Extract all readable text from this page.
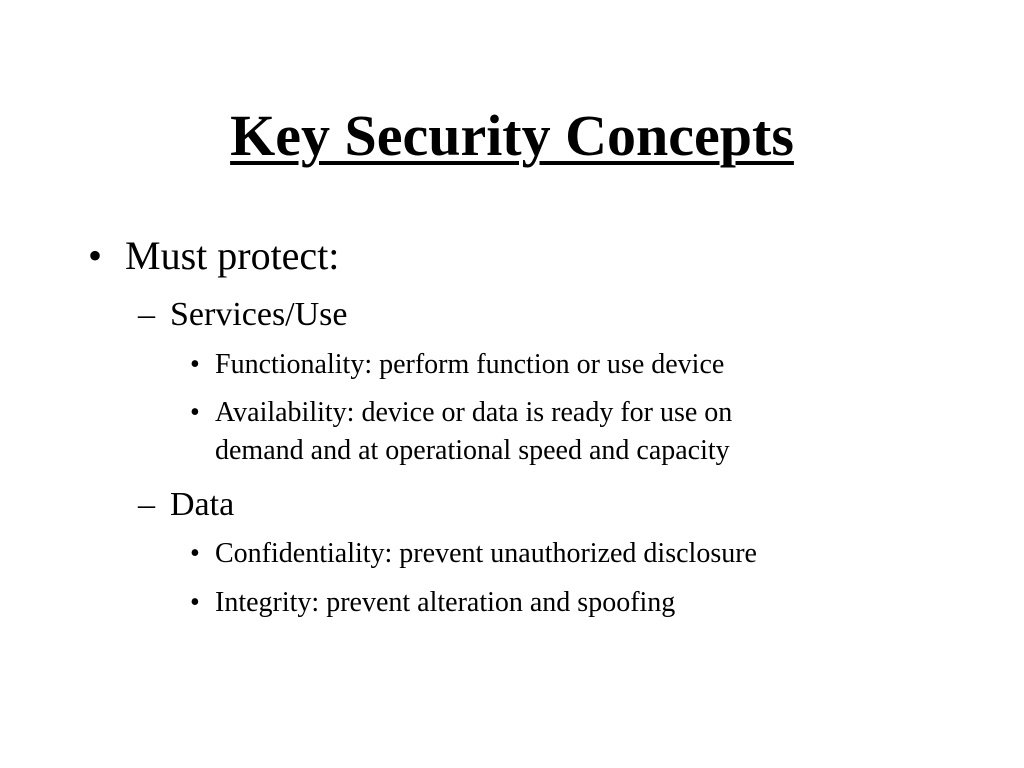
Key Security Concepts
• Must protect:
– Services/Use
• Functionality: perform function or use device
• Availability: device or data is ready for use on
demand and at operational speed and capacity
– Data
• Confidentiality: prevent unauthorized disclosure
• Integrity: prevent alteration and spoofing
